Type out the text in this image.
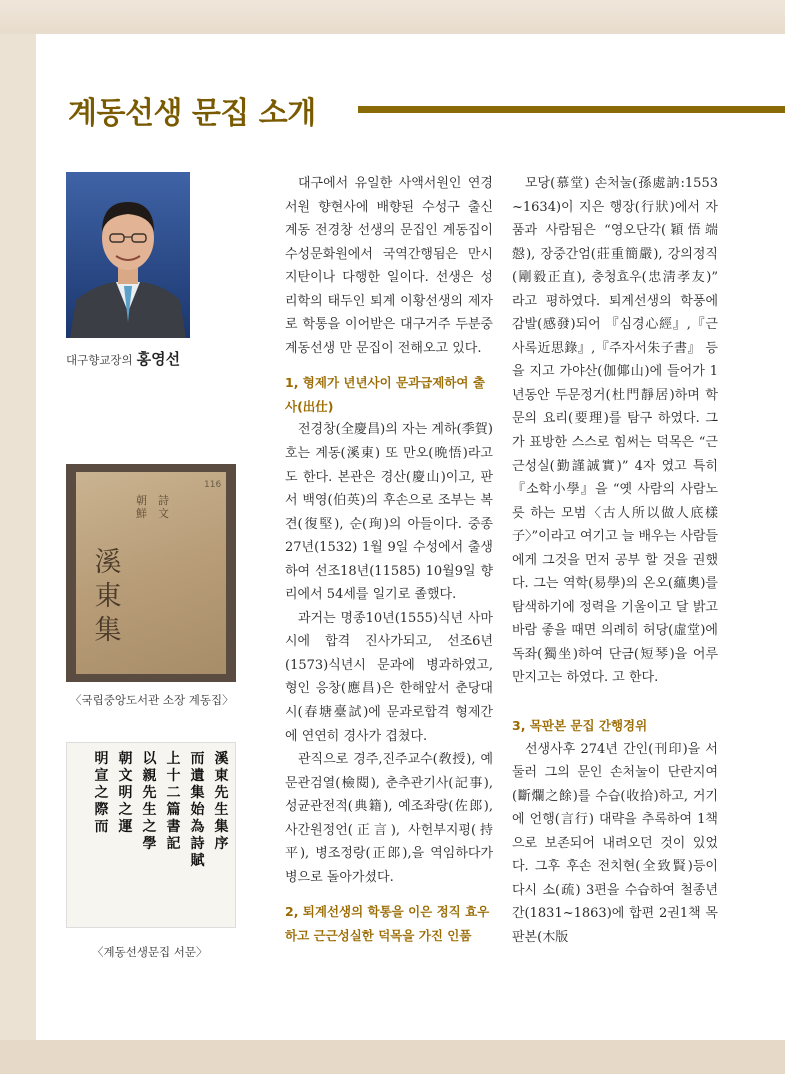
계동선생 문집 소개
대구향교장의 홍영선
溪東集
朝鮮
詩文
116
〈국립중앙도서관 소장 계동집〉
溪東先生集序
而遺集始為詩賦
上十二篇書記
以親先生之學
朝文明之運
明宣之際而
〈계동선생문집 서문〉

대구에서 유일한 사액서원인 연경서원 향현사에 배향된 수성구 출신 계동 전경창 선생의 문집인 계동집이 수성문화원에서 국역간행됨은 만시지탄이나 다행한 일이다. 선생은 성리학의 태두인 퇴계 이황선생의 제자로 학통을 이어받은 대구거주 두분중 계동선생 만 문집이 전해오고 있다.

1, 형제가 년년사이 문과급제하여 출사(出仕)

전경창(全慶昌)의 자는 계하(季賀) 호는 계동(溪東) 또 만오(晩悟)라고도 한다. 본관은 경산(慶山)이고, 판서 백영(伯英)의 후손으로 조부는 복견(復堅), 순(珣)의 아들이다. 중종27년(1532) 1월 9일 수성에서 출생하여 선조18년(11585) 10월9일 향리에서 54세를 일기로 졸했다.

과거는 명종10년(1555)식년 사마시에 합격 진사가되고, 선조6년(1573)식년시 문과에 병과하였고, 형인 응창(應昌)은 한해앞서 춘당대시(春塘臺試)에 문과로합격 형제간에 연연히 경사가 겹쳤다.

관직으로 경주,진주교수(敎授), 예문관검열(檢閱), 춘추관기사(記事), 성균관전적(典籍), 예조좌랑(佐郎), 사간원정언(正言), 사헌부지평(持平), 병조정랑(正郎),을 역임하다가 병으로 돌아가셨다.

2, 퇴계선생의 학통을 이은 정직 효우하고 근근성실한 덕목을 가진 인품

모당(慕堂) 손처눌(孫處訥:1553 ~1634)이 지은 행장(行狀)에서 자품과 사람됨은 “영오단각(穎悟端慤), 장중간엄(莊重簡嚴), 강의정직(剛毅正直), 충청효우(忠淸孝友)” 라고 평하였다. 퇴계선생의 학풍에 감발(感發)되어 『심경心經』,『근사록近思錄』,『주자서朱子書』 등을 지고 가야산(伽倻山)에 들어가 1년동안 두문정거(杜門靜居)하며 학문의 요리(要理)를 탐구 하였다. 그가 표방한 스스로 힘써는 덕목은 “근근성실(勤謹誠實)” 4자 였고 특히 『소학小學』을 “옛 사람의 사람노릇 하는 모범〈古人所以做人底樣子〉”이라고 여기고 늘 배우는 사람들에게 그것을 먼저 공부 할 것을 권했다. 그는 역학(易學)의 온오(蘊奧)를 탐색하기에 정력을 기울이고 달 밝고 바람 좋을 때면 의례히 허당(虛堂)에 독좌(獨坐)하여 단금(短琴)을 어루만지고는 하였다. 고 한다.

3, 목판본 문집 간행경위

선생사후 274년 간인(刊印)을 서둘러 그의 문인 손처눌이 단란지여(斷爛之餘)를 수습(收拾)하고, 거기에 언행(言行) 대략을 추록하여 1책으로 보존되어 내려오던 것이 있었다. 그후 후손 전치현(全致賢)등이 다시 소(疏) 3편을 수습하여 철종년간(1831~1863)에 합편 2권1책 목판본(木版
